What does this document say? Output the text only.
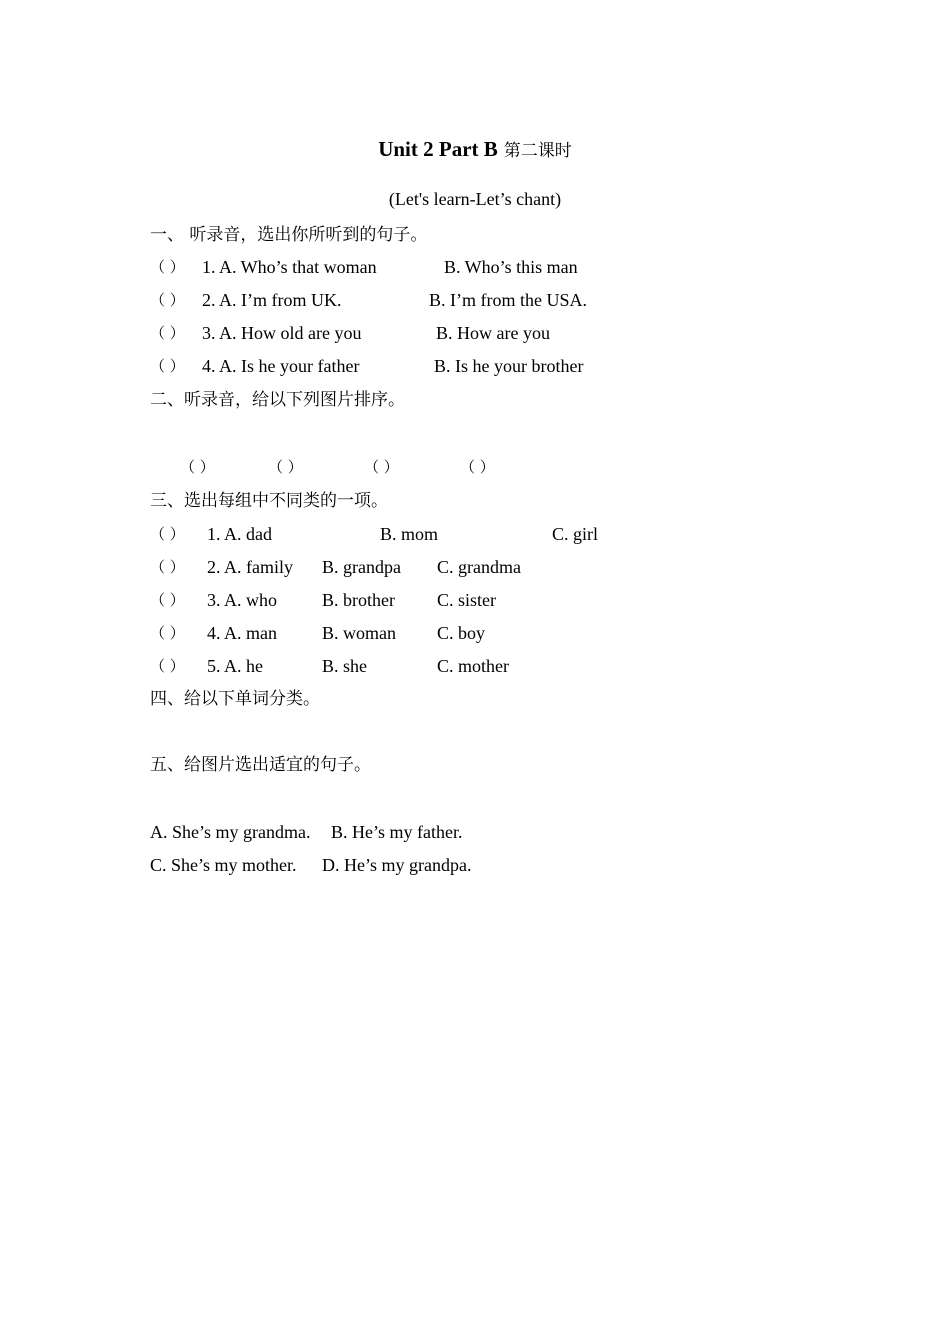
Unit 2 Part B 第二课时
(Let's learn-Let’s chant)
一、 听录音，选出你所听到的句子。
（ ） 1. A. Who’s that woman	B. Who’s this man
（ ） 2. A. I’m from UK.	B. I’m from the USA.
（ ） 3. A. How old are you	B. How are you
（ ） 4. A. Is he your father	B. Is he your brother
二、听录音，给以下列图片排序。
（ ）	（ ）	（ ）	（ ）
三、选出每组中不同类的一项。
（ ） 1. A. dad	B. mom	C. girl
（ ） 2. A. family B. grandpa C. grandma
（ ） 3. A. who B. brother C. sister
（ ） 4. A. man	B. woman C. boy
（ ） 5. A. he	B. she	C. mother
四、给以下单词分类。
五、给图片选出适宜的句子。
A. She’s my grandma. B. He’s my father.
C. She’s my mother. D. He’s my grandpa.
